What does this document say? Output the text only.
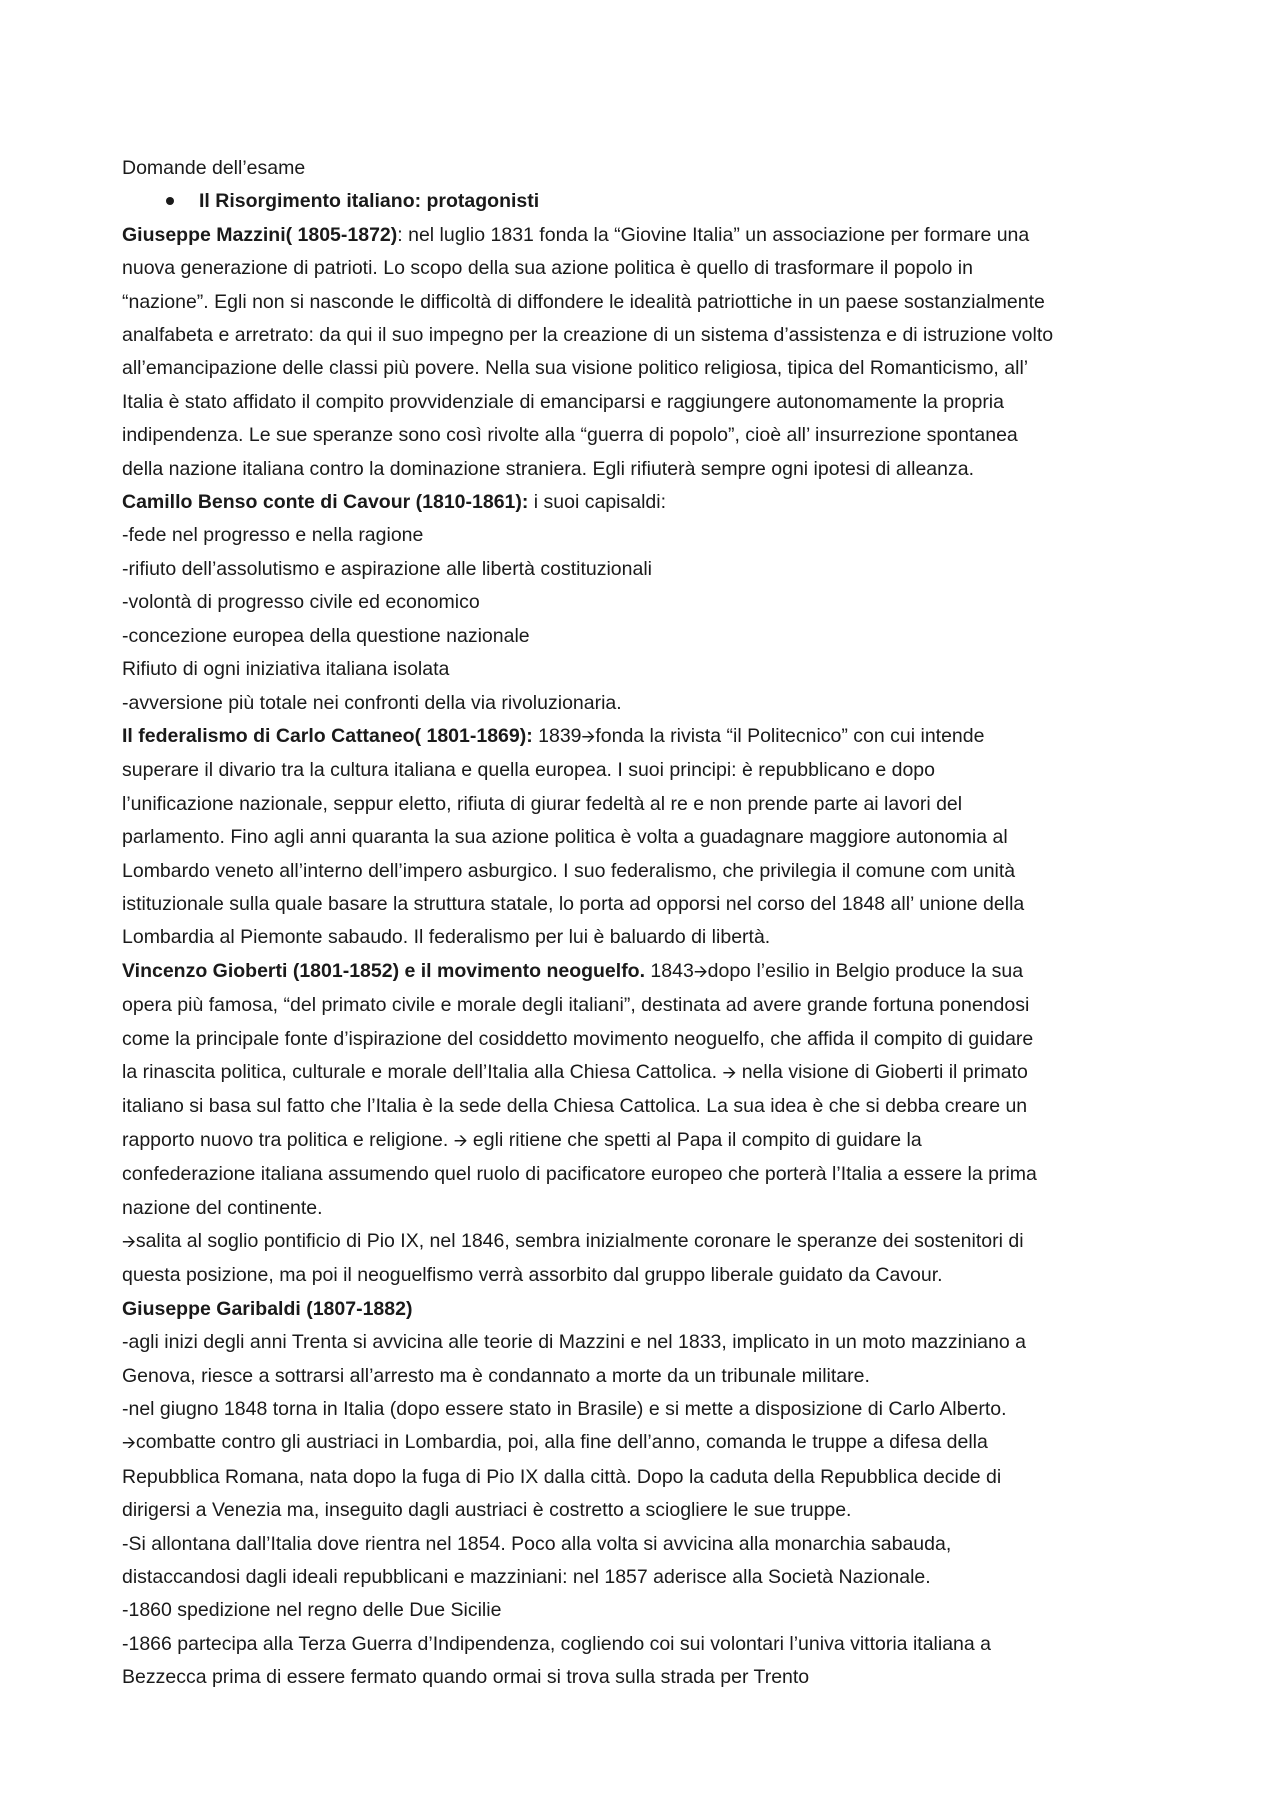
Domande dell’esame
Il Risorgimento italiano: protagonisti
Giuseppe Mazzini( 1805-1872): nel luglio 1831 fonda la “Giovine Italia” un associazione per formare una
nuova generazione di patrioti. Lo scopo della sua azione politica è quello di trasformare il popolo in
“nazione”. Egli non si nasconde le difficoltà di diffondere le idealità patriottiche in un paese sostanzialmente
analfabeta e arretrato: da qui il suo impegno per la creazione di un sistema d’assistenza e di istruzione volto
all’emancipazione delle classi più povere. Nella sua visione politico religiosa, tipica del Romanticismo, all’
Italia è stato affidato il compito provvidenziale di emanciparsi e raggiungere autonomamente la propria
indipendenza. Le sue speranze sono così rivolte alla “guerra di popolo”, cioè all’ insurrezione spontanea
della nazione italiana contro la dominazione straniera. Egli rifiuterà sempre ogni ipotesi di alleanza.
Camillo Benso conte di Cavour (1810-1861): i suoi capisaldi:
-fede nel progresso e nella ragione
-rifiuto dell’assolutismo e aspirazione alle libertà costituzionali
-volontà di progresso civile ed economico
-concezione europea della questione nazionale
Rifiuto di ogni iniziativa italiana isolata
-avversione più totale nei confronti della via rivoluzionaria.
Il federalismo di Carlo Cattaneo( 1801-1869): 1839🡪fonda la rivista “il Politecnico” con cui intende
superare il divario tra la cultura italiana e quella europea. I suoi principi: è repubblicano e dopo
l’unificazione nazionale, seppur eletto, rifiuta di giurar fedeltà al re e non prende parte ai lavori del
parlamento. Fino agli anni quaranta la sua azione politica è volta a guadagnare maggiore autonomia al
Lombardo veneto all’interno dell’impero asburgico. I suo federalismo, che privilegia il comune com unità
istituzionale sulla quale basare la struttura statale, lo porta ad opporsi nel corso del 1848 all’ unione della
Lombardia al Piemonte sabaudo. Il federalismo per lui è baluardo di libertà.
Vincenzo Gioberti (1801-1852) e il movimento neoguelfo. 1843🡪dopo l’esilio in Belgio produce la sua
opera più famosa, “del primato civile e morale degli italiani”, destinata ad avere grande fortuna ponendosi
come la principale fonte d’ispirazione del cosiddetto movimento neoguelfo, che affida il compito di guidare
la rinascita politica, culturale e morale dell’Italia alla Chiesa Cattolica. 🡪 nella visione di Gioberti il primato
italiano si basa sul fatto che l’Italia è la sede della Chiesa Cattolica. La sua idea è che si debba creare un
rapporto nuovo tra politica e religione. 🡪 egli ritiene che spetti al Papa il compito di guidare la
confederazione italiana assumendo quel ruolo di pacificatore europeo che porterà l’Italia a essere la prima
nazione del continente.
🡪salita al soglio pontificio di Pio IX, nel 1846, sembra inizialmente coronare le speranze dei sostenitori di
questa posizione, ma poi il neoguelfismo verrà assorbito dal gruppo liberale guidato da Cavour.
Giuseppe Garibaldi (1807-1882)
-agli inizi degli anni Trenta si avvicina alle teorie di Mazzini e nel 1833, implicato in un moto mazziniano a
Genova, riesce a sottrarsi all’arresto ma è condannato a morte da un tribunale militare.
-nel giugno 1848 torna in Italia (dopo essere stato in Brasile) e si mette a disposizione di Carlo Alberto.
🡪combatte contro gli austriaci in Lombardia, poi, alla fine dell’anno, comanda le truppe a difesa della
Repubblica Romana, nata dopo la fuga di Pio IX dalla città. Dopo la caduta della Repubblica decide di
dirigersi a Venezia ma, inseguito dagli austriaci è costretto a sciogliere le sue truppe.
-Si allontana dall’Italia dove rientra nel 1854. Poco alla volta si avvicina alla monarchia sabauda,
distaccandosi dagli ideali repubblicani e mazziniani: nel 1857 aderisce alla Società Nazionale.
-1860 spedizione nel regno delle Due Sicilie
-1866 partecipa alla Terza Guerra d’Indipendenza, cogliendo coi sui volontari l’univa vittoria italiana a
Bezzecca prima di essere fermato quando ormai si trova sulla strada per Trento
